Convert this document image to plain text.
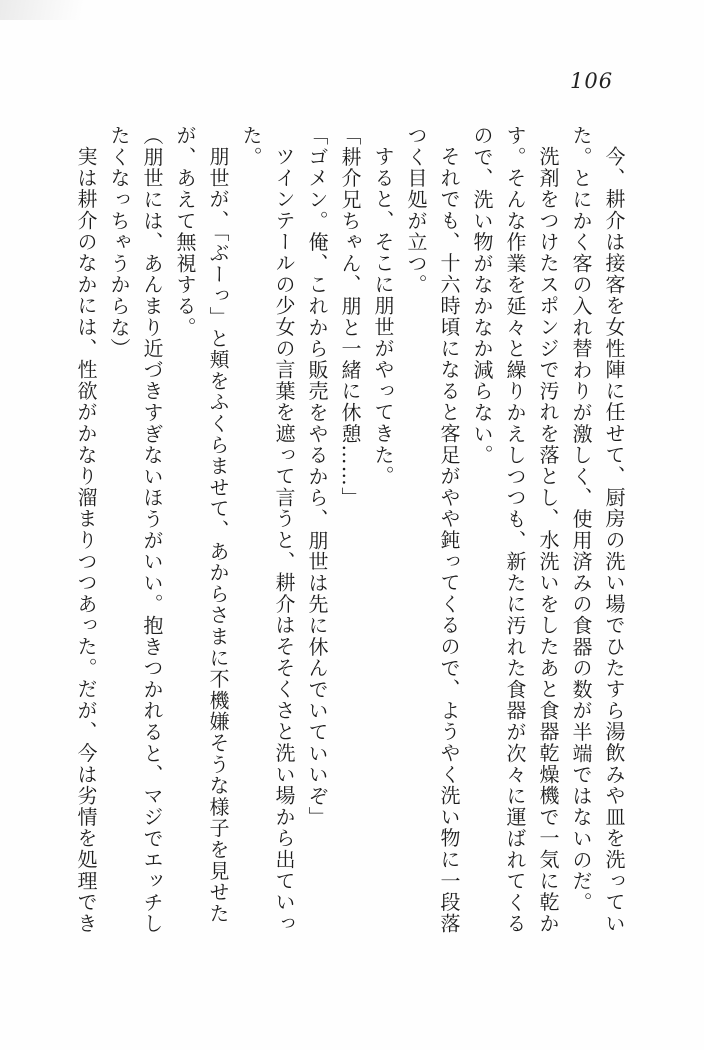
106
今、耕介は接客を女性陣に任せて、厨房の洗い場でひたすら湯飲みや皿を洗ってい
た。とにかく客の入れ替わりが激しく、使用済みの食器の数が半端ではないのだ。
洗剤をつけたスポンジで汚れを落とし、水洗いをしたあと食器乾燥機で一気に乾か
す。そんな作業を延々と繰りかえしつつも、新たに汚れた食器が次々に運ばれてくる
ので、洗い物がなかなか減らない。
それでも、十六時頃になると客足がやや鈍ってくるので、ようやく洗い物に一段落
つく目処が立つ。
すると、そこに朋世がやってきた。
「耕介兄ちゃん、朋と一緒に休憩……」
「ゴメン。俺、これから販売をやるから、朋世は先に休んでいていいぞ」
ツインテールの少女の言葉を遮って言うと、耕介はそそくさと洗い場から出ていっ
た。
朋世が、「ぶーっ」と頬をふくらませて、あからさまに不機嫌そうな様子を見せた
が、あえて無視する。
（朋世には、あんまり近づきすぎないほうがいい。抱きつかれると、マジでエッチし
たくなっちゃうからな）
実は耕介のなかには、性欲がかなり溜まりつつあった。だが、今は劣情を処理でき
